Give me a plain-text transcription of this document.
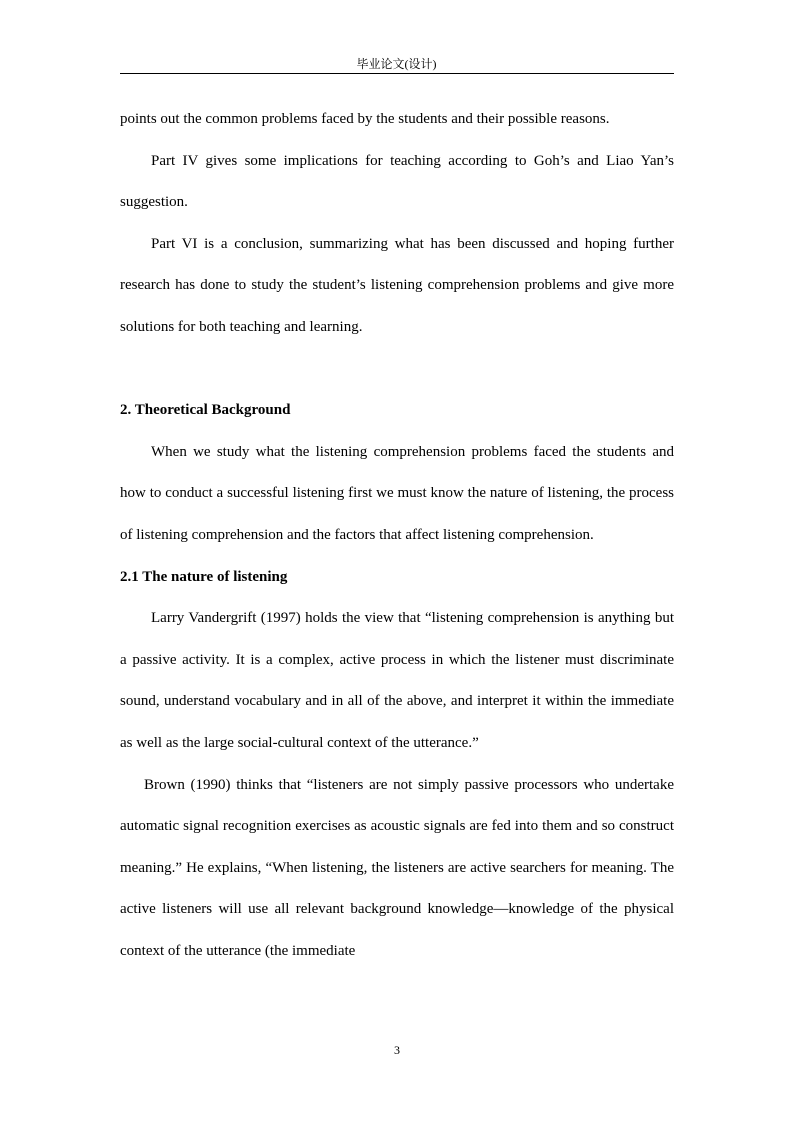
毕业论文(设计)

points out the common problems faced by the students and their possible reasons.

Part IV gives some implications for teaching according to Goh’s and Liao Yan’s suggestion.

Part VI is a conclusion, summarizing what has been discussed and hoping further research has done to study the student’s listening comprehension problems and give more solutions for both teaching and learning.

2. Theoretical Background

When we study what the listening comprehension problems faced the students and how to conduct a successful listening first we must know the nature of listening, the process of listening comprehension and the factors that affect listening comprehension.

2.1 The nature of listening

Larry Vandergrift (1997) holds the view that “listening comprehension is anything but a passive activity. It is a complex, active process in which the listener must discriminate sound, understand vocabulary and in all of the above, and interpret it within the immediate as well as the large social-cultural context of the utterance.”

Brown (1990) thinks that “listeners are not simply passive processors who undertake automatic signal recognition exercises as acoustic signals are fed into them and so construct meaning.” He explains, “When listening, the listeners are active searchers for meaning. The active listeners will use all relevant background knowledge—knowledge of the physical context of the utterance (the immediate

3
